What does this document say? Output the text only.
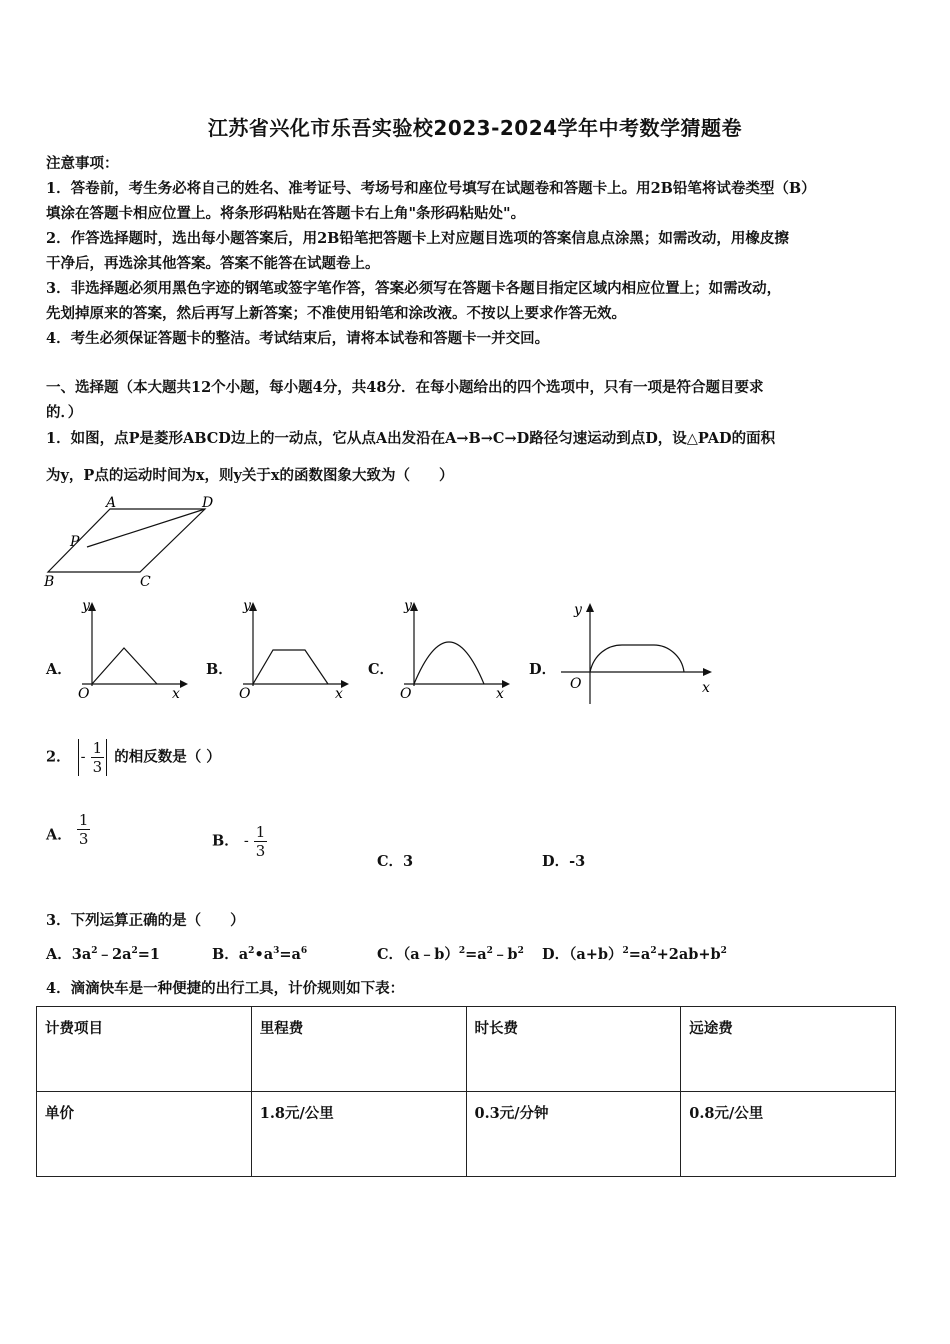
江苏省兴化市乐吾实验校2023-2024学年中考数学猜题卷
注意事项：
1．答卷前，考生务必将自己的姓名、准考证号、考场号和座位号填写在试题卷和答题卡上。用2B铅笔将试卷类型（B）
填涂在答题卡相应位置上。将条形码粘贴在答题卡右上角"条形码粘贴处"。
2．作答选择题时，选出每小题答案后，用2B铅笔把答题卡上对应题目选项的答案信息点涂黑；如需改动，用橡皮擦
干净后，再选涂其他答案。答案不能答在试题卷上。
3．非选择题必须用黑色字迹的钢笔或签字笔作答，答案必须写在答题卡各题目指定区域内相应位置上；如需改动，
先划掉原来的答案，然后再写上新答案；不准使用铅笔和涂改液。不按以上要求作答无效。
4．考生必须保证答题卡的整洁。考试结束后，请将本试卷和答题卡一并交回。
一、选择题（本大题共12个小题，每小题4分，共48分．在每小题给出的四个选项中，只有一项是符合题目要求
的．）
1．如图，点P是菱形ABCD边上的一动点，它从点A出发沿在A→B→C→D路径匀速运动到点D，设△PAD的面积
为y，P点的运动时间为x，则y关于x的函数图象大致为（　　）
A	D
P
B	C
A．
y
x
O
B．
y
x
O
C．
y
x
O
D．
y
x
O
2． - $\frac{1}{3}$ 的相反数是（ ）
A． $\frac{1}{3}$	B． - $\frac{1}{3}$
C．3	D．-3
3．下列运算正确的是（　　）
A．$3a^2﹣2a^2=1$	B．$a^2•a^3=a^6$	C．$(a﹣b)^2=a^2﹣b^2$ D．$(a+b)^2=a^2+2ab+b^2$
4．滴滴快车是一种便捷的出行工具，计价规则如下表：
计费项目	里程费	时长费	远途费
单价	1.8元/公里	0.3元/分钟	0.8元/公里
